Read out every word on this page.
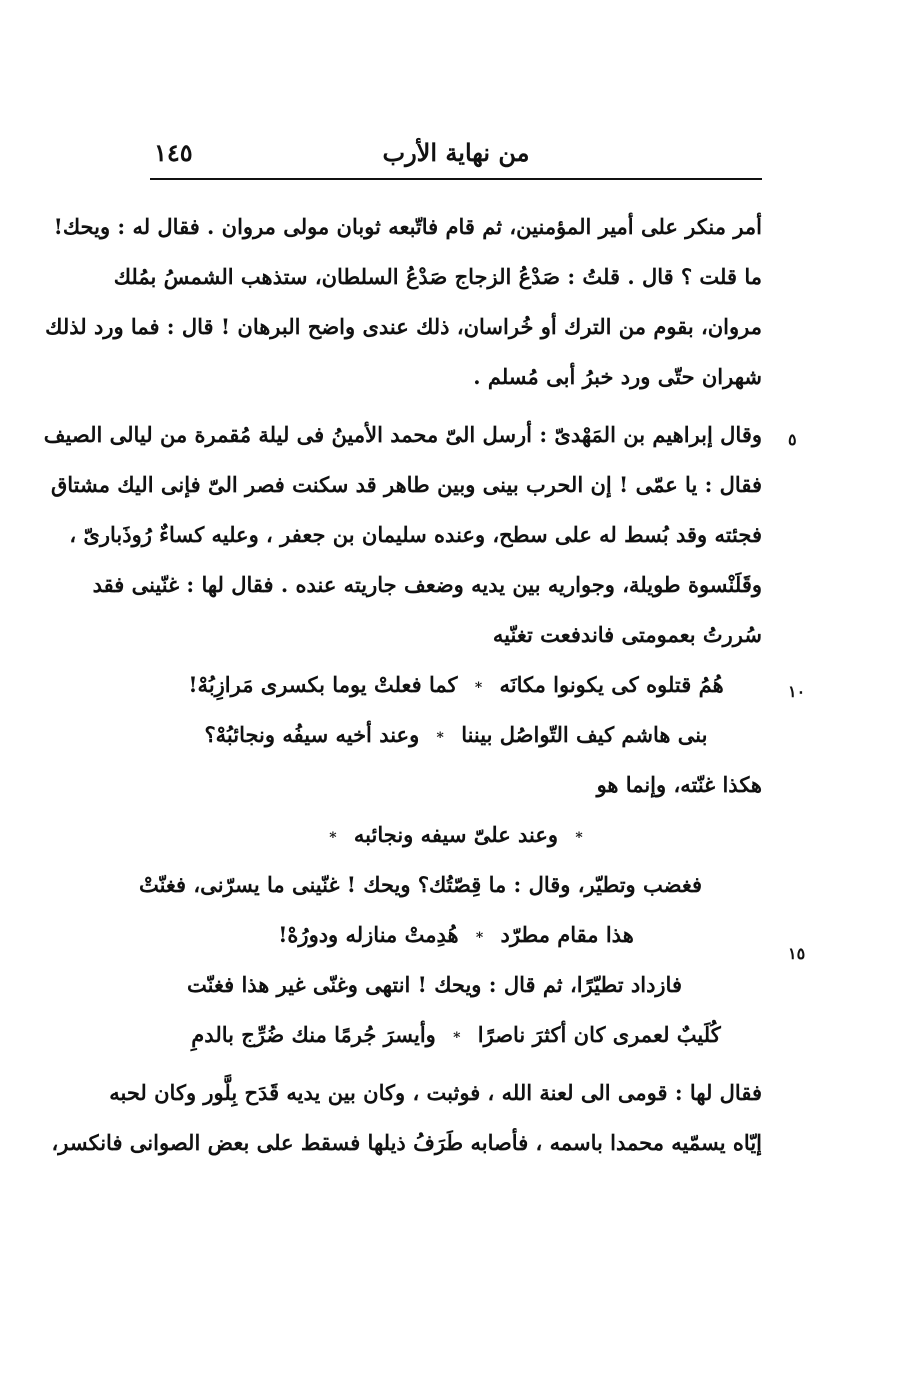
من نهاية الأرب
١٤٥
٥
١٠
١٥
أمر منكر على أمير المؤمنين، ثم قام فاتّبعه ثوبان مولى مروان . فقال له : ويحك!
ما قلت ؟ قال . قلتُ : صَدْعُ الزجاج صَدْعُ السلطان، ستذهب الشمسُ بمُلك
مروان، بقوم من الترك أو خُراسان، ذلك عندى واضح البرهان ! قال : فما ورد لذلك
شهران حتّى ورد خبرُ أبى مُسلم .
وقال إبراهيم بن المَهْدىّ : أرسل الىّ محمد الأمينُ فى ليلة مُقمرة من ليالى الصيف
فقال : يا عمّى ! إن الحرب بينى وبين طاهر قد سكنت فصر الىّ فإنى اليك مشتاق
فجئته وقد بُسط له على سطح، وعنده سليمان بن جعفر ، وعليه كساءٌ رُوذَبارىّ ،
وقَلَنْسوة طويلة، وجواريه بين يديه وضعف جاريته عنده . فقال لها : غنّينى فقد
سُررتُ بعمومتى فاندفعت تغنّيه
هُمُ قتلوه كى يكونوا مكانَه * كما فعلتْ يوما بكسرى مَرازِبُهْ!
بنى هاشم كيف التّواصُل بيننا * وعند أخيه سيفُه ونجائبُهْ؟
هكذا غنّته، وإنما هو
* وعند علىّ سيفه ونجائبه *
فغضب وتطيّر، وقال : ما قِصّتُك؟ ويحك ! غنّينى ما يسرّنى، فغنّتْ
هذا مقام مطرّد * هُدِمتْ منازله ودورُهْ!
فازداد تطيّرًا، ثم قال : ويحك ! انتهى وغنّى غير هذا فغنّت
كُلَيبٌ لعمرى كان أكثرَ ناصرًا * وأيسرَ جُرمًا منك ضُرِّج بالدمِ
فقال لها : قومى الى لعنة الله ، فوثبت ، وكان بين يديه قَدَح بِلَّور وكان لحبه
إيّاه يسمّيه محمدا باسمه ، فأصابه طَرَفُ ذيلها فسقط على بعض الصوانى فانكسر،
